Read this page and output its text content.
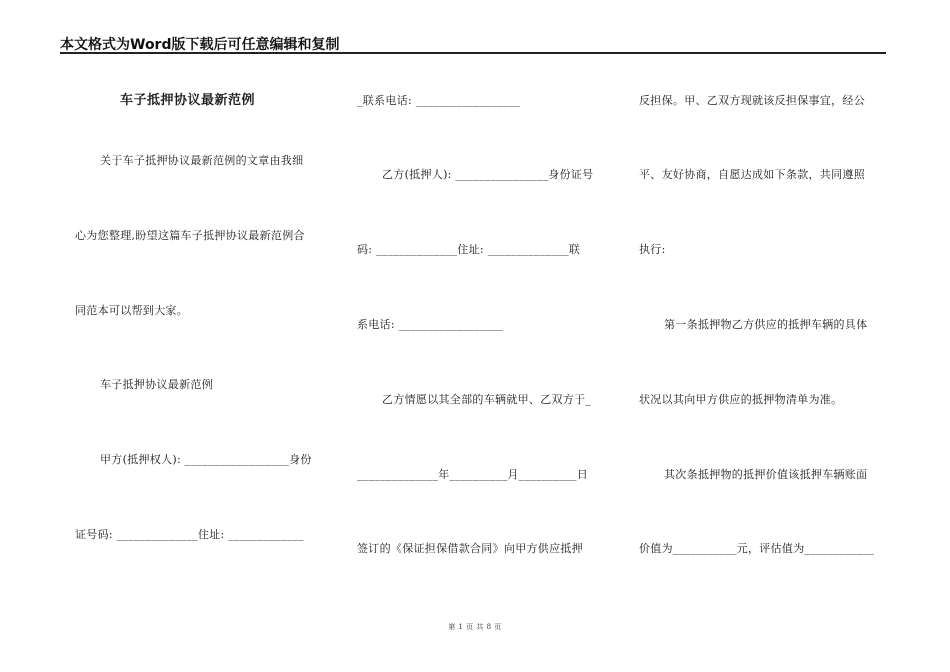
本文格式为Word版下载后可任意编辑和复制
车子抵押协议最新范例
关于车子抵押协议最新范例的文章由我细
心为您整理,盼望这篇车子抵押协议最新范例合
同范本可以帮到大家。
车子抵押协议最新范例
甲方(抵押权人): __________________身份
证号码: ______________住址: _____________
_联系电话: __________________
乙方(抵押人): ________________身份证号
码: ______________住址: ______________联
系电话: __________________
乙方情愿以其全部的车辆就甲、乙双方于_
______________年__________月__________日
签订的《保证担保借款合同》向甲方供应抵押
反担保。甲、乙双方现就该反担保事宜，经公
平、友好协商，自愿达成如下条款，共同遵照
执行:
第一条抵押物乙方供应的抵押车辆的具体
状况以其向甲方供应的抵押物清单为准。
其次条抵押物的抵押价值该抵押车辆账面
价值为___________元，评估值为____________
第 1 页 共 8 页
